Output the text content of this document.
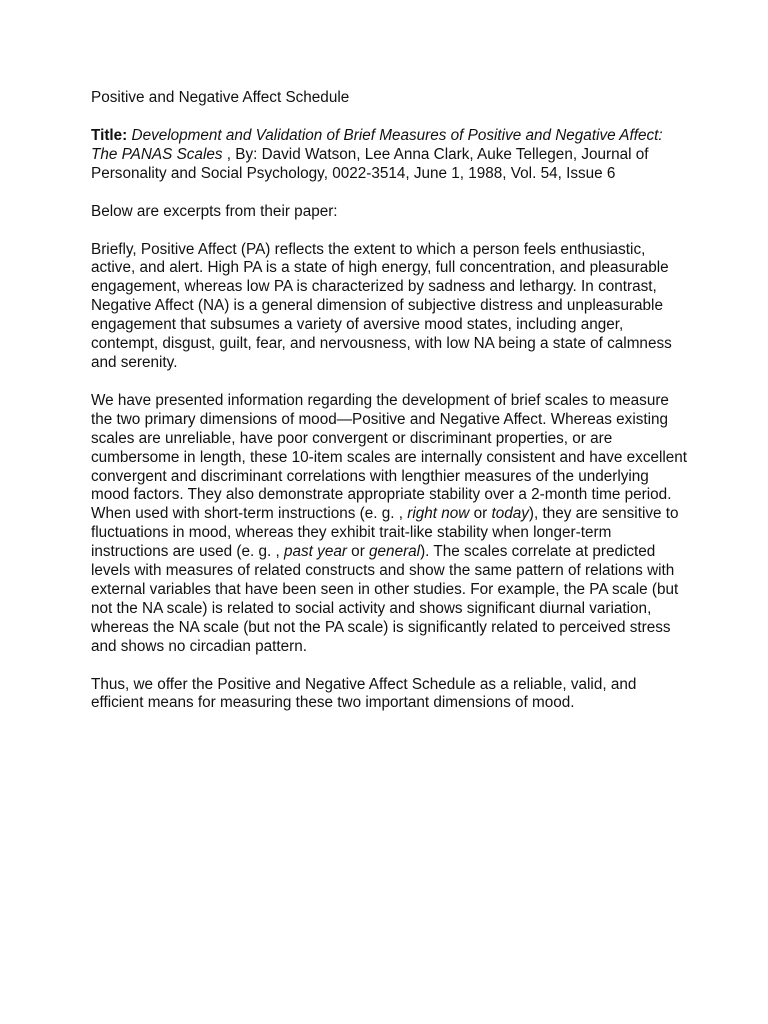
Positive and Negative Affect Schedule

Title: Development and Validation of Brief Measures of Positive and Negative Affect: The PANAS Scales , By: David Watson, Lee Anna Clark, Auke Tellegen, Journal of Personality and Social Psychology, 0022-3514, June 1, 1988, Vol. 54, Issue 6

Below are excerpts from their paper:

Briefly, Positive Affect (PA) reflects the extent to which a person feels enthusiastic, active, and alert. High PA is a state of high energy, full concentration, and pleasurable engagement, whereas low PA is characterized by sadness and lethargy. In contrast, Negative Affect (NA) is a general dimension of subjective distress and unpleasurable engagement that subsumes a variety of aversive mood states, including anger, contempt, disgust, guilt, fear, and nervousness, with low NA being a state of calmness and serenity.

We have presented information regarding the development of brief scales to measure the two primary dimensions of mood—Positive and Negative Affect. Whereas existing scales are unreliable, have poor convergent or discriminant properties, or are cumbersome in length, these 10-item scales are internally consistent and have excellent convergent and discriminant correlations with lengthier measures of the underlying mood factors. They also demonstrate appropriate stability over a 2-month time period. When used with short-term instructions (e. g. , right now or today), they are sensitive to fluctuations in mood, whereas they exhibit trait-like stability when longer-term instructions are used (e. g. , past year or general). The scales correlate at predicted levels with measures of related constructs and show the same pattern of relations with external variables that have been seen in other studies. For example, the PA scale (but not the NA scale) is related to social activity and shows significant diurnal variation, whereas the NA scale (but not the PA scale) is significantly related to perceived stress and shows no circadian pattern.

Thus, we offer the Positive and Negative Affect Schedule as a reliable, valid, and efficient means for measuring these two important dimensions of mood.
